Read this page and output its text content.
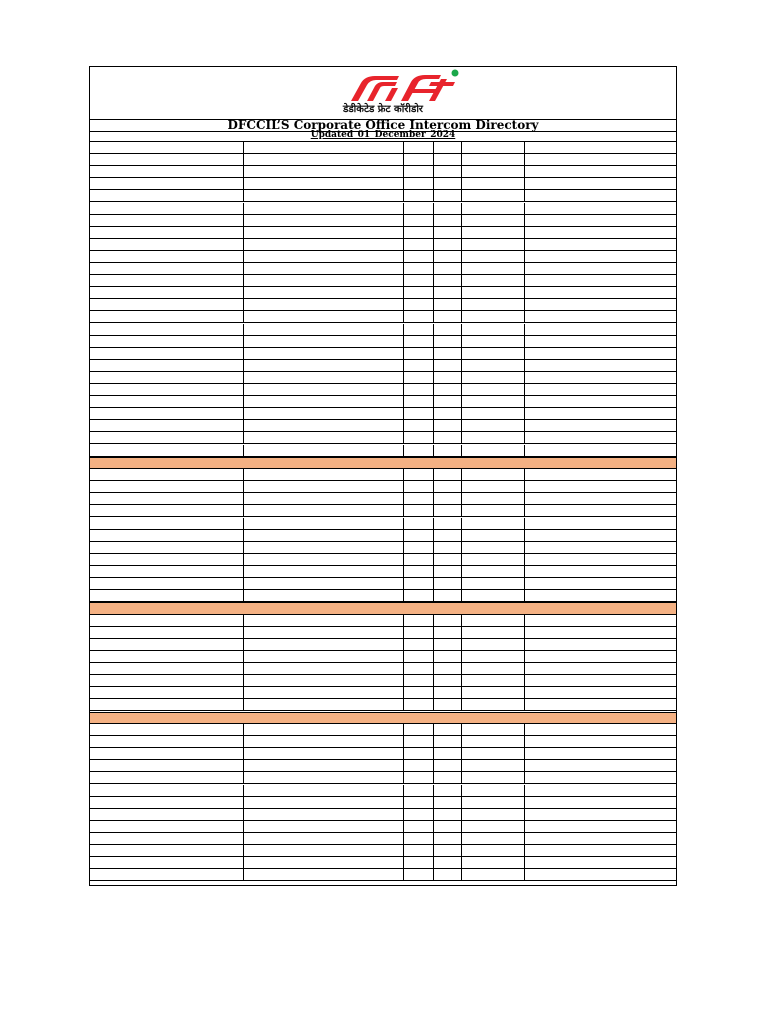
डेडीकेटेड फ्रेट कॉरीडोर
DFCCIL’S Corporate Office Intercom Directory
Updated_01_December_2024
